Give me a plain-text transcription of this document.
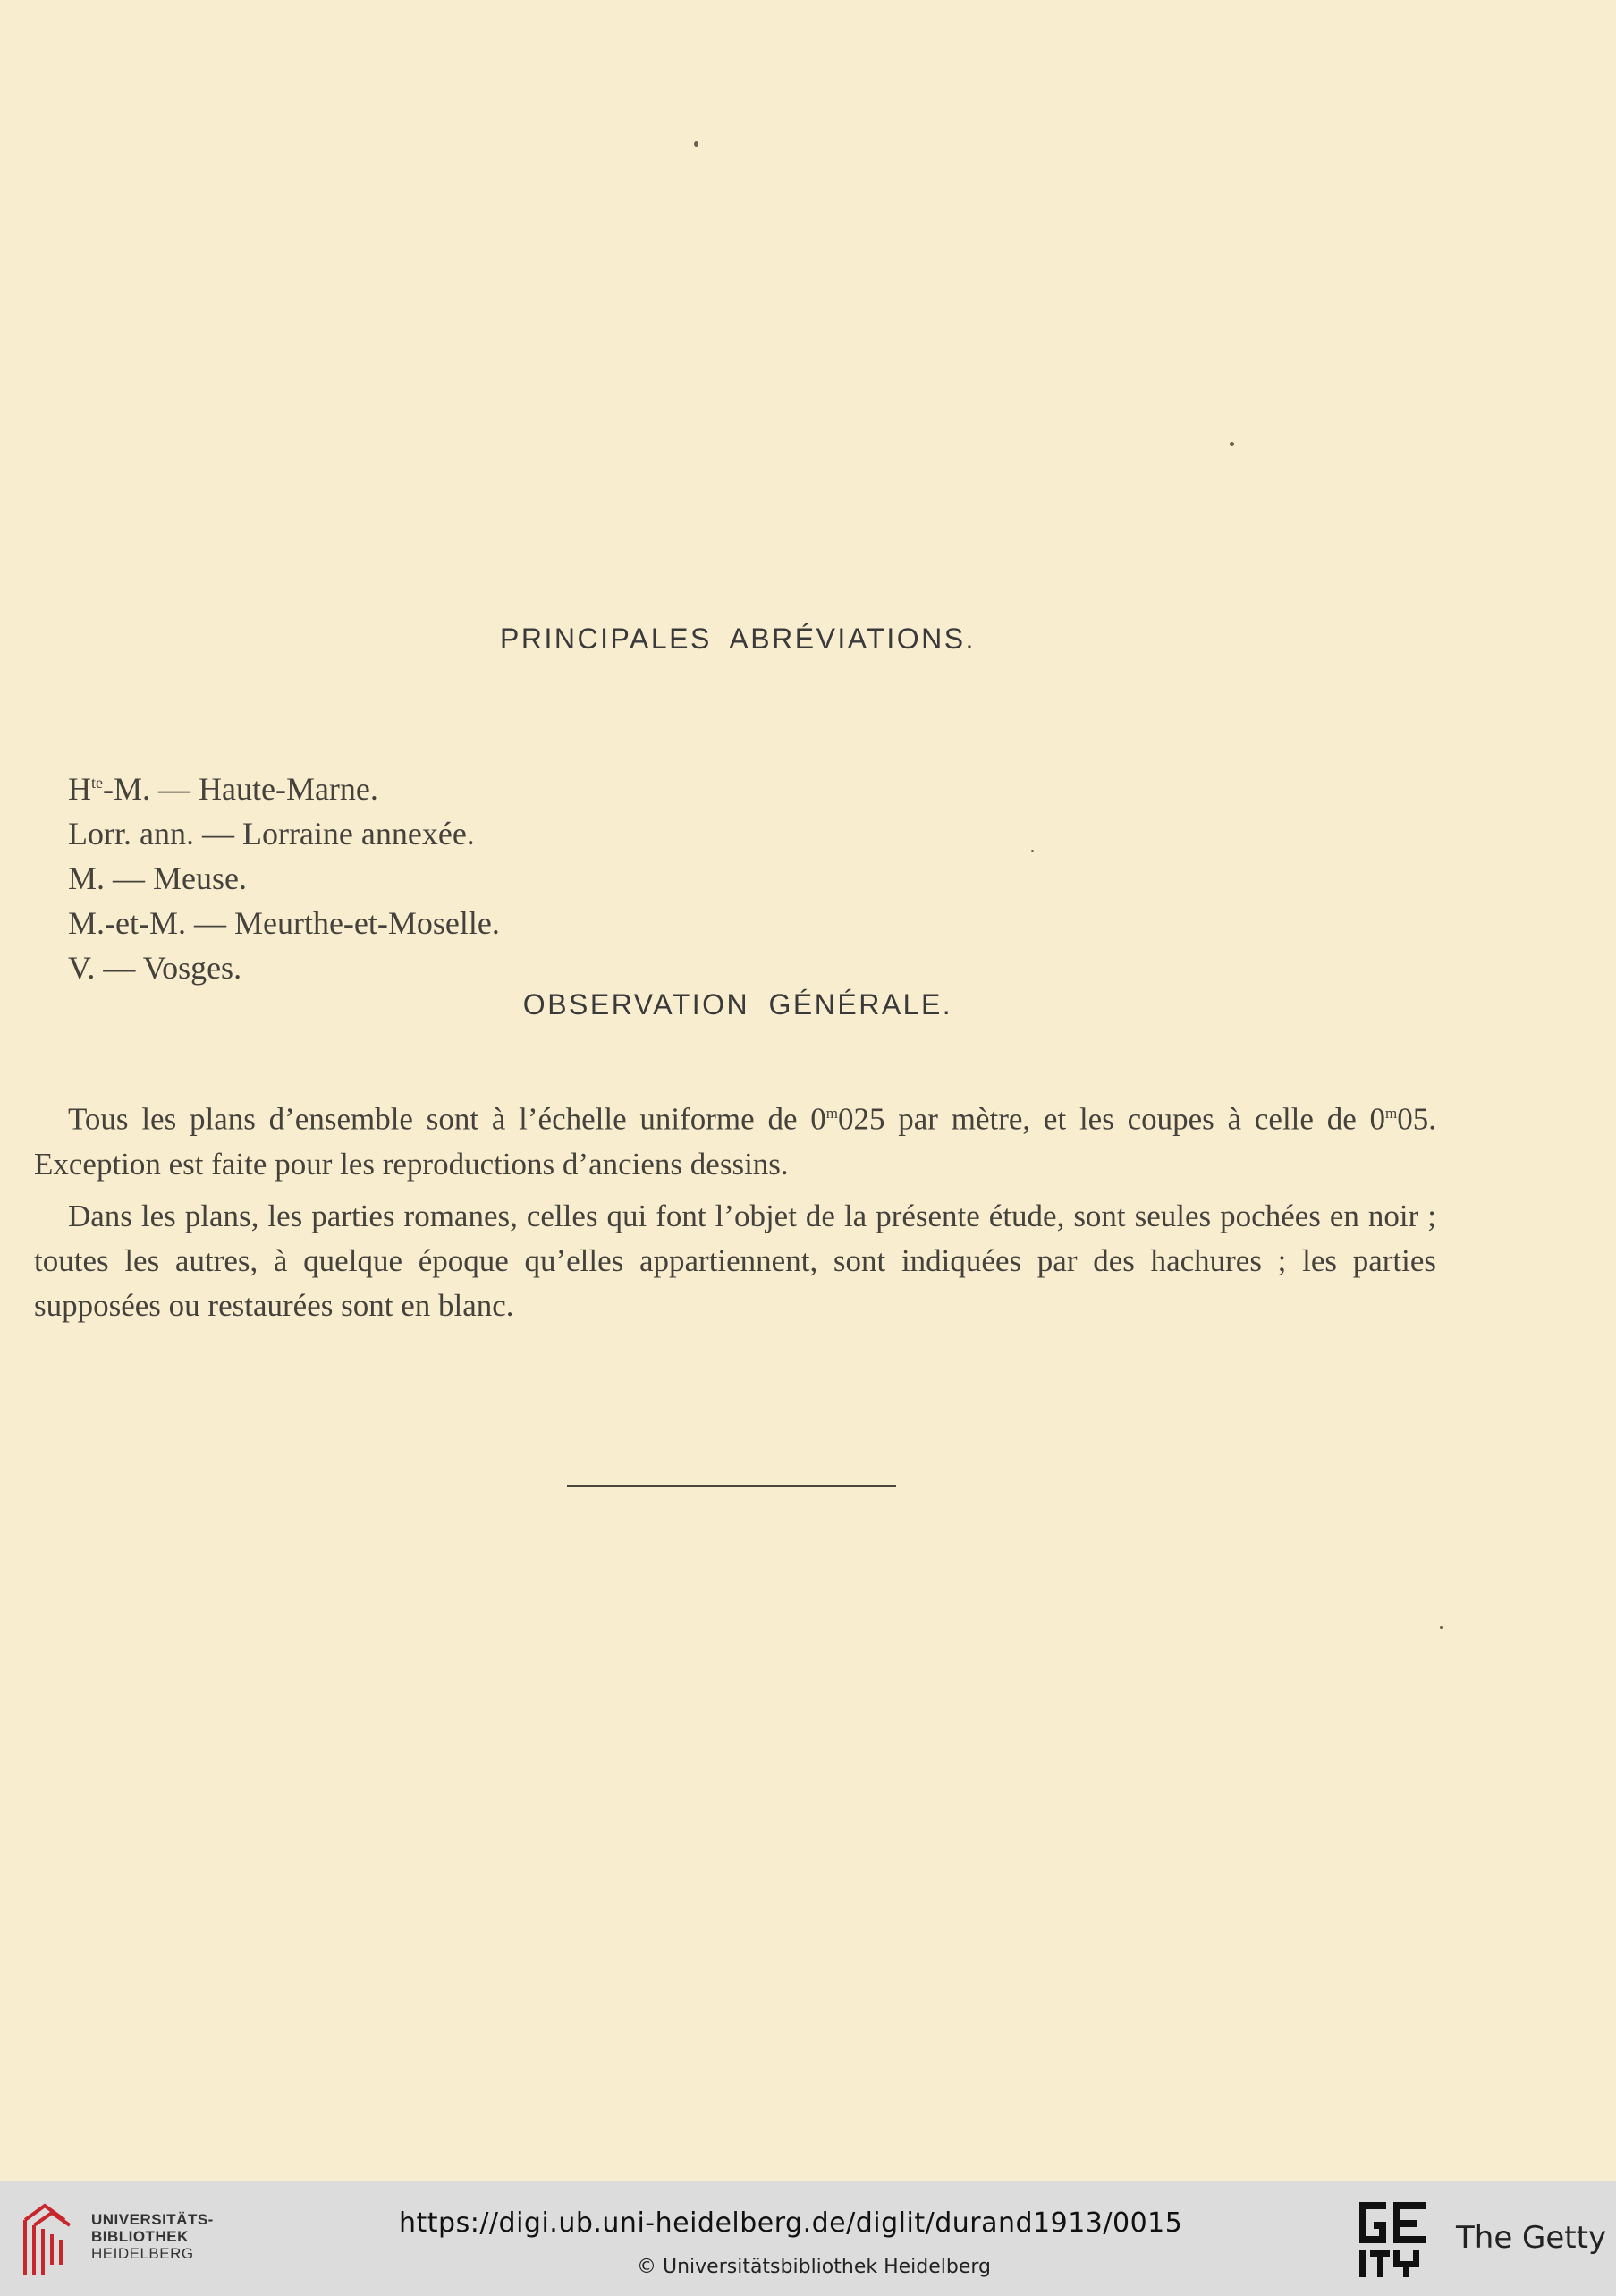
PRINCIPALES ABRÉVIATIONS.
$H^{te}-M$. — Haute-Marne.
Lorr. ann. — Lorraine annexée.
M. — Meuse.
M.-et-M. — Meurthe-et-Moselle.
V. — Vosges.
OBSERVATION GÉNÉRALE.

Tous les plans d’ensemble sont à l’échelle uniforme de 0$^m$025 par mètre, et les coupes à celle de 0$^m$05. Exception est faite pour les reproductions d’anciens dessins.

Dans les plans, les parties romanes, celles qui font l’objet de la présente étude, sont seules pochées en noir ; toutes les autres, à quelque époque qu’elles appartiennent, sont indiquées par des hachures ; les parties supposées ou restaurées sont en blanc.

UNIVERSITÄTS-
BIBLIOTHEK
HEIDELBERG
https://digi.ub.uni-heidelberg.de/diglit/durand1913/0015
© Universitätsbibliothek Heidelberg
The Getty
